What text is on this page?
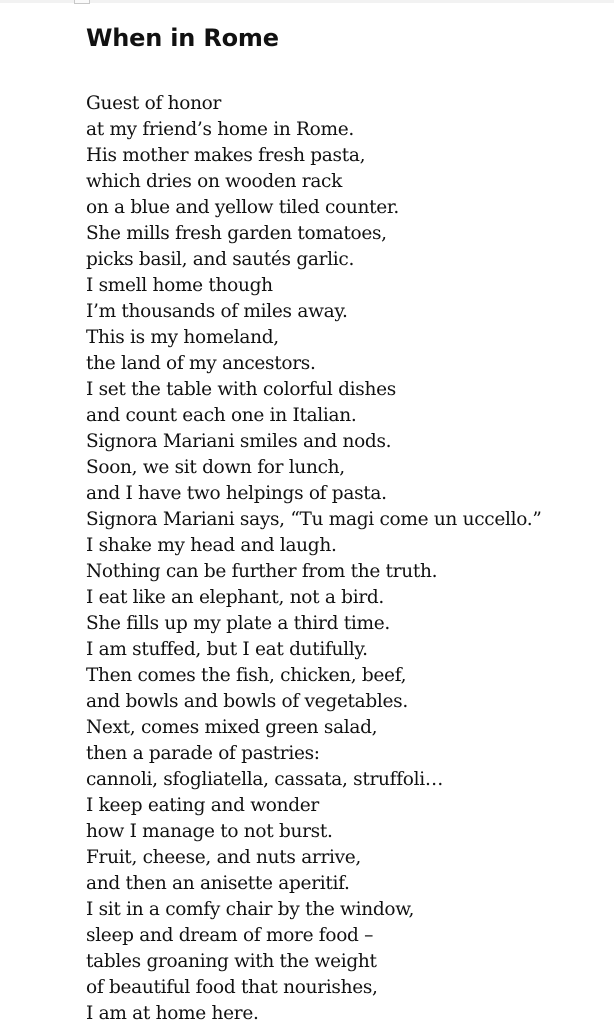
When in Rome
Guest of honor
at my friend’s home in Rome.
His mother makes fresh pasta,
which dries on wooden rack
on a blue and yellow tiled counter.
She mills fresh garden tomatoes,
picks basil, and sautés garlic.
I smell home though
I’m thousands of miles away.
This is my homeland,
the land of my ancestors.
I set the table with colorful dishes
and count each one in Italian.
Signora Mariani smiles and nods.
Soon, we sit down for lunch,
and I have two helpings of pasta.
Signora Mariani says, “Tu magi come un uccello.”
I shake my head and laugh.
Nothing can be further from the truth.
I eat like an elephant, not a bird.
She fills up my plate a third time.
I am stuffed, but I eat dutifully.
Then comes the fish, chicken, beef,
and bowls and bowls of vegetables.
Next, comes mixed green salad,
then a parade of pastries:
cannoli, sfogliatella, cassata, struffoli…
I keep eating and wonder
how I manage to not burst.
Fruit, cheese, and nuts arrive,
and then an anisette aperitif.
I sit in a comfy chair by the window,
sleep and dream of more food –
tables groaning with the weight
of beautiful food that nourishes,
I am at home here.
